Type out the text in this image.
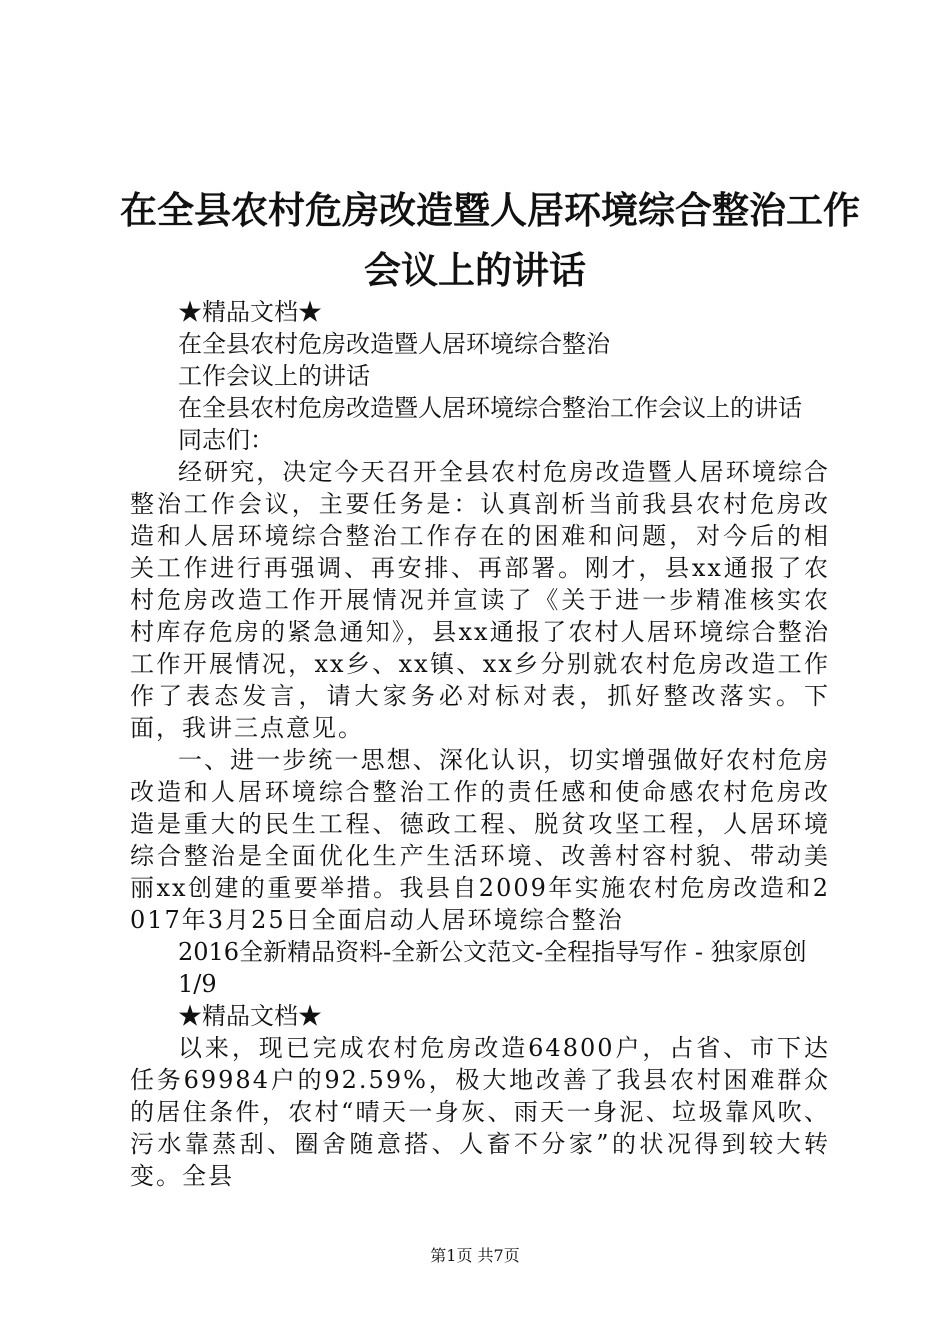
在全县农村危房改造暨人居环境综合整治工作
会议上的讲话

★精品文档★

在全县农村危房改造暨人居环境综合整治

工作会议上的讲话

在全县农村危房改造暨人居环境综合整治工作会议上的讲话

同志们：

经研究，决定今天召开全县农村危房改造暨人居环境综合整治工作会议，主要任务是：认真剖析当前我县农村危房改造和人居环境综合整治工作存在的困难和问题，对今后的相关工作进行再强调、再安排、再部署。刚才，县xx通报了农村危房改造工作开展情况并宣读了《关于进一步精准核实农村库存危房的紧急通知》，县xx通报了农村人居环境综合整治工作开展情况，xx乡、xx镇、xx乡分别就农村危房改造工作作了表态发言，请大家务必对标对表，抓好整改落实。下面，我讲三点意见。

一、进一步统一思想、深化认识，切实增强做好农村危房改造和人居环境综合整治工作的责任感和使命感农村危房改造是重大的民生工程、德政工程、脱贫攻坚工程，人居环境综合整治是全面优化生产生活环境、改善村容村貌、带动美丽xx创建的重要举措。我县自2009年实施农村危房改造和2017年3月25日全面启动人居环境综合整治

2016全新精品资料-全新公文范文-全程指导写作 - 独家原创

1/9

★精品文档★

以来，现已完成农村危房改造64800户，占省、市下达任务69984户的92.59%，极大地改善了我县农村困难群众的居住条件，农村“晴天一身灰、雨天一身泥、垃圾靠风吹、污水靠蒸刮、圈舍随意搭、人畜不分家”的状况得到较大转变。全县

第1页 共7页
